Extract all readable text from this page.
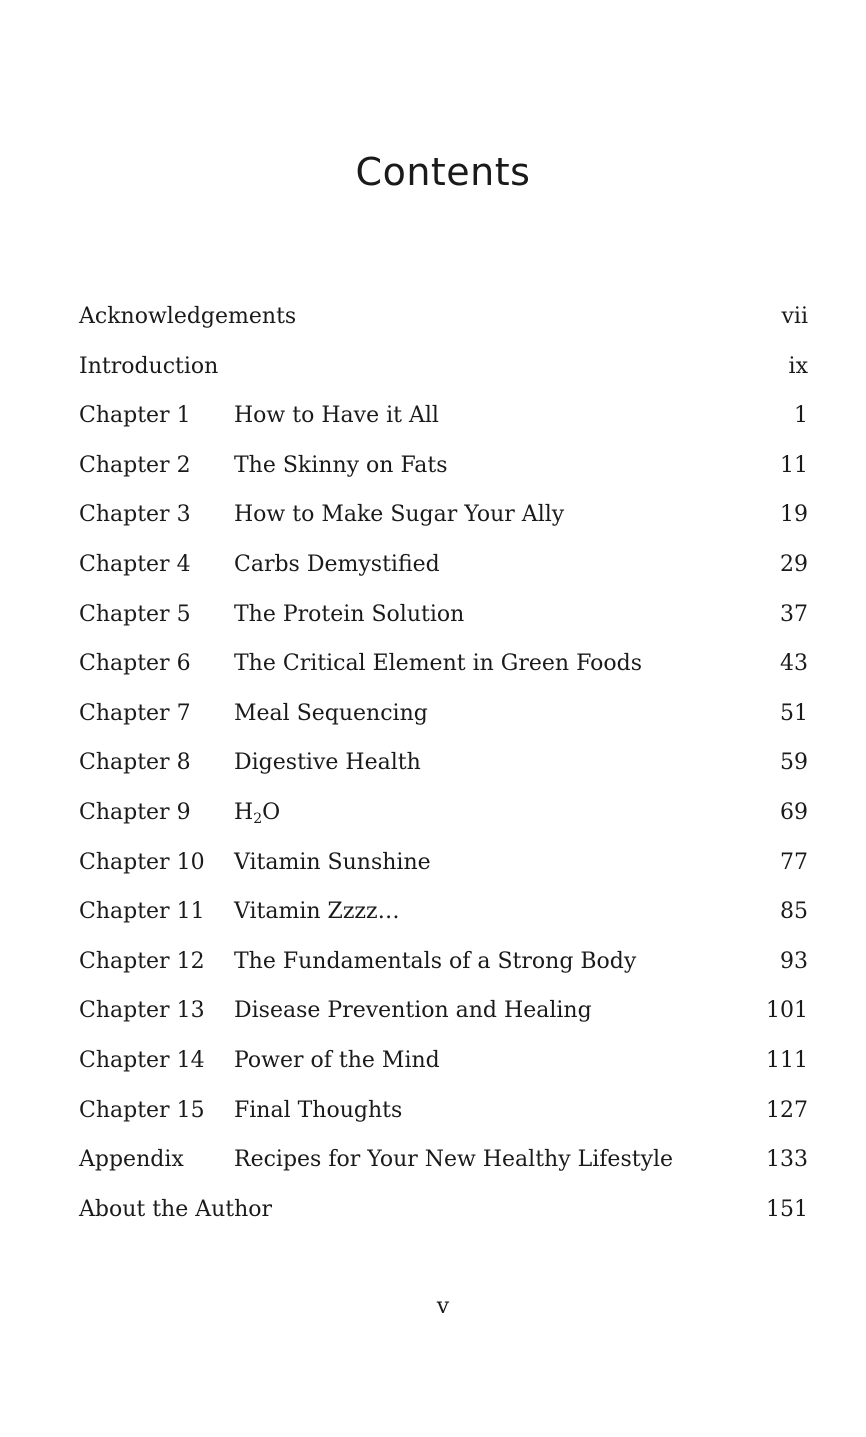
Contents
Acknowledgements	vii
Introduction	ix
Chapter 1 How to Have it All	1
Chapter 2 The Skinny on Fats	11
Chapter 3 How to Make Sugar Your Ally	19
Chapter 4 Carbs Demystified	29
Chapter 5 The Protein Solution	37
Chapter 6 The Critical Element in Green Foods	43
Chapter 7 Meal Sequencing	51
Chapter 8 Digestive Health	59
Chapter 9 $H_2O$	69
Chapter 10 Vitamin Sunshine	77
Chapter 11 Vitamin Zzzz…	85
Chapter 12 The Fundamentals of a Strong Body	93
Chapter 13 Disease Prevention and Healing	101
Chapter 14 Power of the Mind	111
Chapter 15 Final Thoughts	127
Appendix Recipes for Your New Healthy Lifestyle	133
About the Author	151
v
